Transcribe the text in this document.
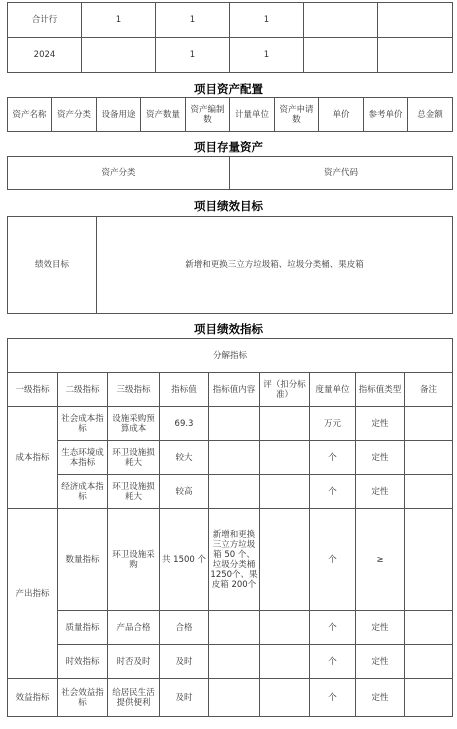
合计行	1	1	1		
2024		1	1		
项目资产配置
资产名称	资产分类	设备用途	资产数量	资产编制数	计量单位	资产申请数	单价	参考单价	总金额
项目存量资产
资产分类	资产代码
项目绩效目标
绩效目标	新增和更换三立方垃圾箱、垃圾分类桶、果皮箱
项目绩效指标
分解指标								
一级指标	二级指标	三级指标	指标值	指标值内容	评（扣分标准）	度量单位	指标值类型	备注
成本指标	社会成本指标	设施采购预算成本	69.3			万元	定性	
	生态环境成本指标	环卫设施损耗大	较大			个	定性	
	经济成本指标	环卫设施损耗大	较高			个	定性	
产出指标	数量指标	环卫设施采购	共 1500 个	新增和更换三立方垃圾箱 50 个、垃圾分类桶 1250个、果皮箱 200个		个	≥	
	质量指标	产品合格	合格			个	定性	
	时效指标	时否及时	及时			个	定性	
效益指标	社会效益指标	给居民生活提供便利	及时			个	定性	
